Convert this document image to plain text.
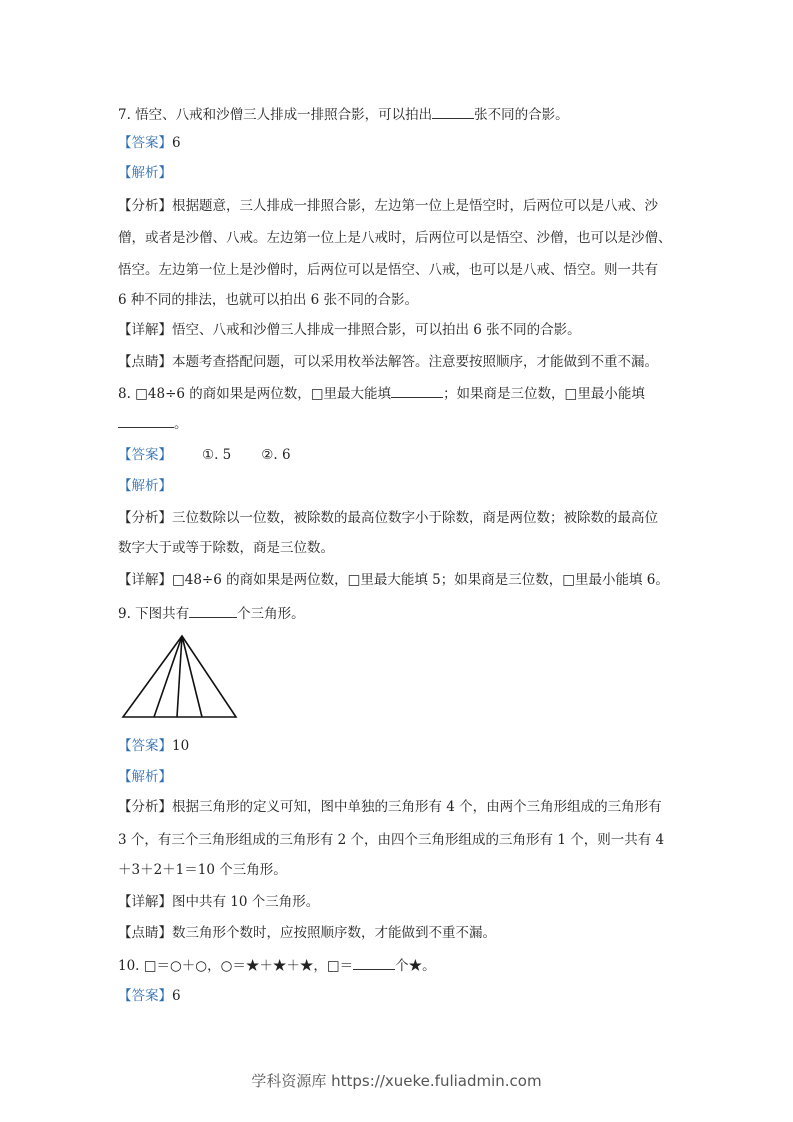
7. 悟空、八戒和沙僧三人排成一排照合影，可以拍出	张不同的合影。
【答案】6
【解析】
【分析】根据题意，三人排成一排照合影，左边第一位上是悟空时，后两位可以是八戒、沙
僧，或者是沙僧、八戒。左边第一位上是八戒时，后两位可以是悟空、沙僧，也可以是沙僧、
悟空。左边第一位上是沙僧时，后两位可以是悟空、八戒，也可以是八戒、悟空。则一共有
6 种不同的排法，也就可以拍出 6 张不同的合影。
【详解】悟空、八戒和沙僧三人排成一排照合影，可以拍出 6 张不同的合影。
【点睛】本题考查搭配问题，可以采用枚举法解答。注意要按照顺序，才能做到不重不漏。
8. □48÷6 的商如果是两位数，□里最大能填	；如果商是三位数，□里最小能填
。
【答案】 ①. 5 ②. 6
【解析】
【分析】三位数除以一位数，被除数的最高位数字小于除数，商是两位数；被除数的最高位
数字大于或等于除数，商是三位数。
【详解】□48÷6 的商如果是两位数，□里最大能填 5；如果商是三位数，□里最小能填 6。
9. 下图共有	个三角形。
【答案】10
【解析】
【分析】根据三角形的定义可知，图中单独的三角形有 4 个，由两个三角形组成的三角形有
3 个，有三个三角形组成的三角形有 2 个，由四个三角形组成的三角形有 1 个，则一共有 4
＋3＋2＋1＝10 个三角形。
【详解】图中共有 10 个三角形。
【点睛】数三角形个数时，应按照顺序数，才能做到不重不漏。
10. □＝○＋○，○＝★＋★＋★，□＝	个★。
【答案】6
学科资源库 https://xueke.fuliadmin.com
